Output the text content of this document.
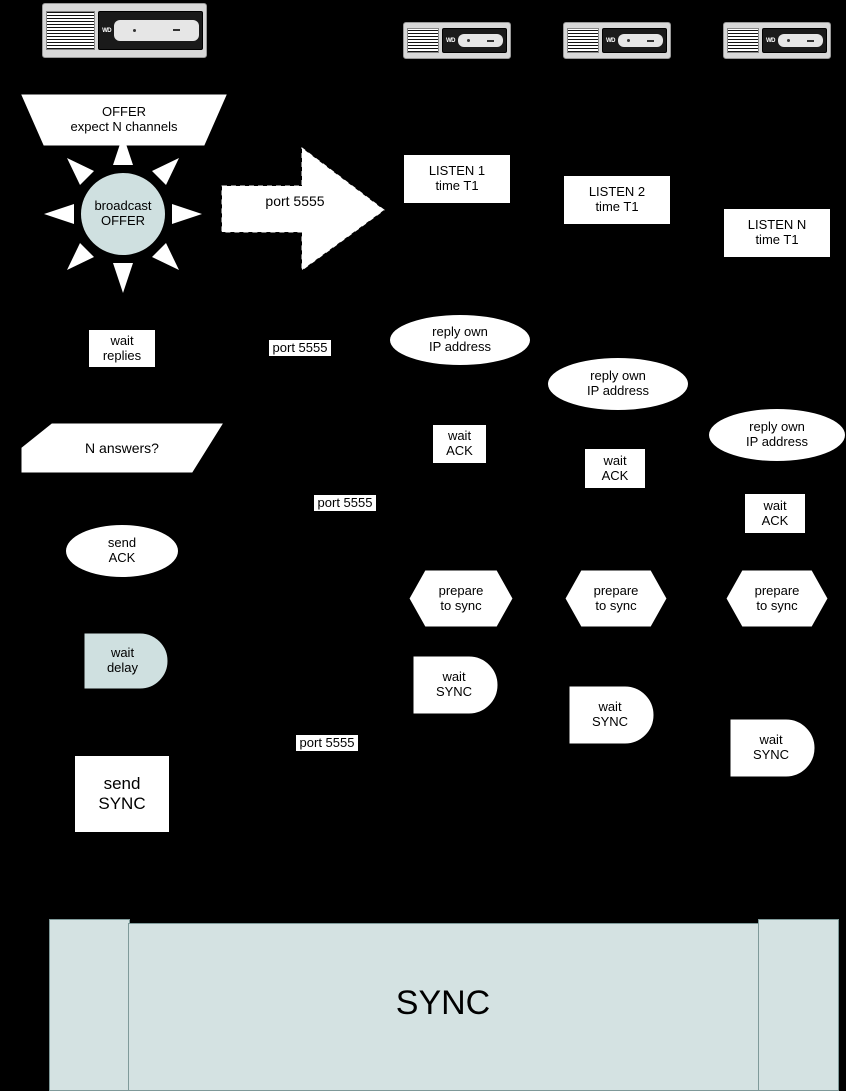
WD
WD	WD	WD
OFFER
expect N channels
broadcast
OFFER
port 5555
LISTEN 1
time T1	LISTEN 2
time T1
LISTEN N
time T1
wait
replies
port 5555
port 5555
port 5555
reply own
IP address
reply own
IP address
reply own
IP address
N answers?
wait
ACK
wait
ACK
wait
ACK
send
ACK
prepare
to sync
prepare
to sync
prepare
to sync
wait
delay
wait
SYNC
wait
SYNC
wait
SYNC
send
SYNC
SYNC
